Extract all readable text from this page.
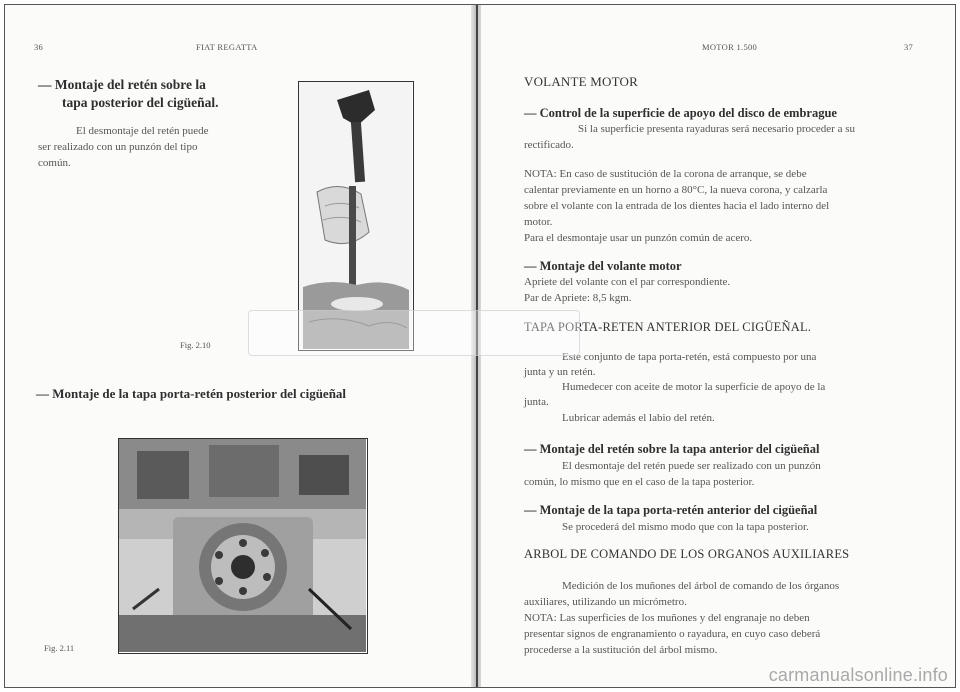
36	FIAT REGATTA
— Montaje del retén sobre la
tapa posterior del cigüeñal.
El desmontaje del retén puede
ser realizado con un punzón del tipo
común.
Fig. 2.10
— Montaje de la tapa porta-retén posterior del cigüeñal
Fig. 2.11
MOTOR 1.500	37
VOLANTE MOTOR
— Control de la superficie de apoyo del disco de embrague
Si la superficie presenta rayaduras será necesario proceder a su
rectificado.
NOTA: En caso de sustitución de la corona de arranque, se debe
calentar previamente en un horno a 80°C, la nueva corona, y calzarla
sobre el volante con la entrada de los dientes hacia el lado interno del
motor.
Para el desmontaje usar un punzón común de acero.
— Montaje del volante motor
Apriete del volante con el par correspondiente.
Par de Apriete: 8,5 kgm.
TAPA PORTA-RETEN ANTERIOR DEL CIGÜEÑAL.
Este conjunto de tapa porta-retén, está compuesto por una
junta y un retén.
Humedecer con aceite de motor la superficie de apoyo de la
junta.
Lubricar además el labio del retén.
— Montaje del retén sobre la tapa anterior del cigüeñal
El desmontaje del retén puede ser realizado con un punzón
común, lo mismo que en el caso de la tapa posterior.
— Montaje de la tapa porta-retén anterior del cigüeñal
Se procederá del mismo modo que con la tapa posterior.
ARBOL DE COMANDO DE LOS ORGANOS AUXILIARES
Medición de los muñones del árbol de comando de los órganos
auxiliares, utilizando un micrómetro.
NOTA: Las superficies de los muñones y del engranaje no deben
presentar signos de engranamiento o rayadura, en cuyo caso deberá
procederse a la sustitución del árbol mismo.
carmanualsonline.info
